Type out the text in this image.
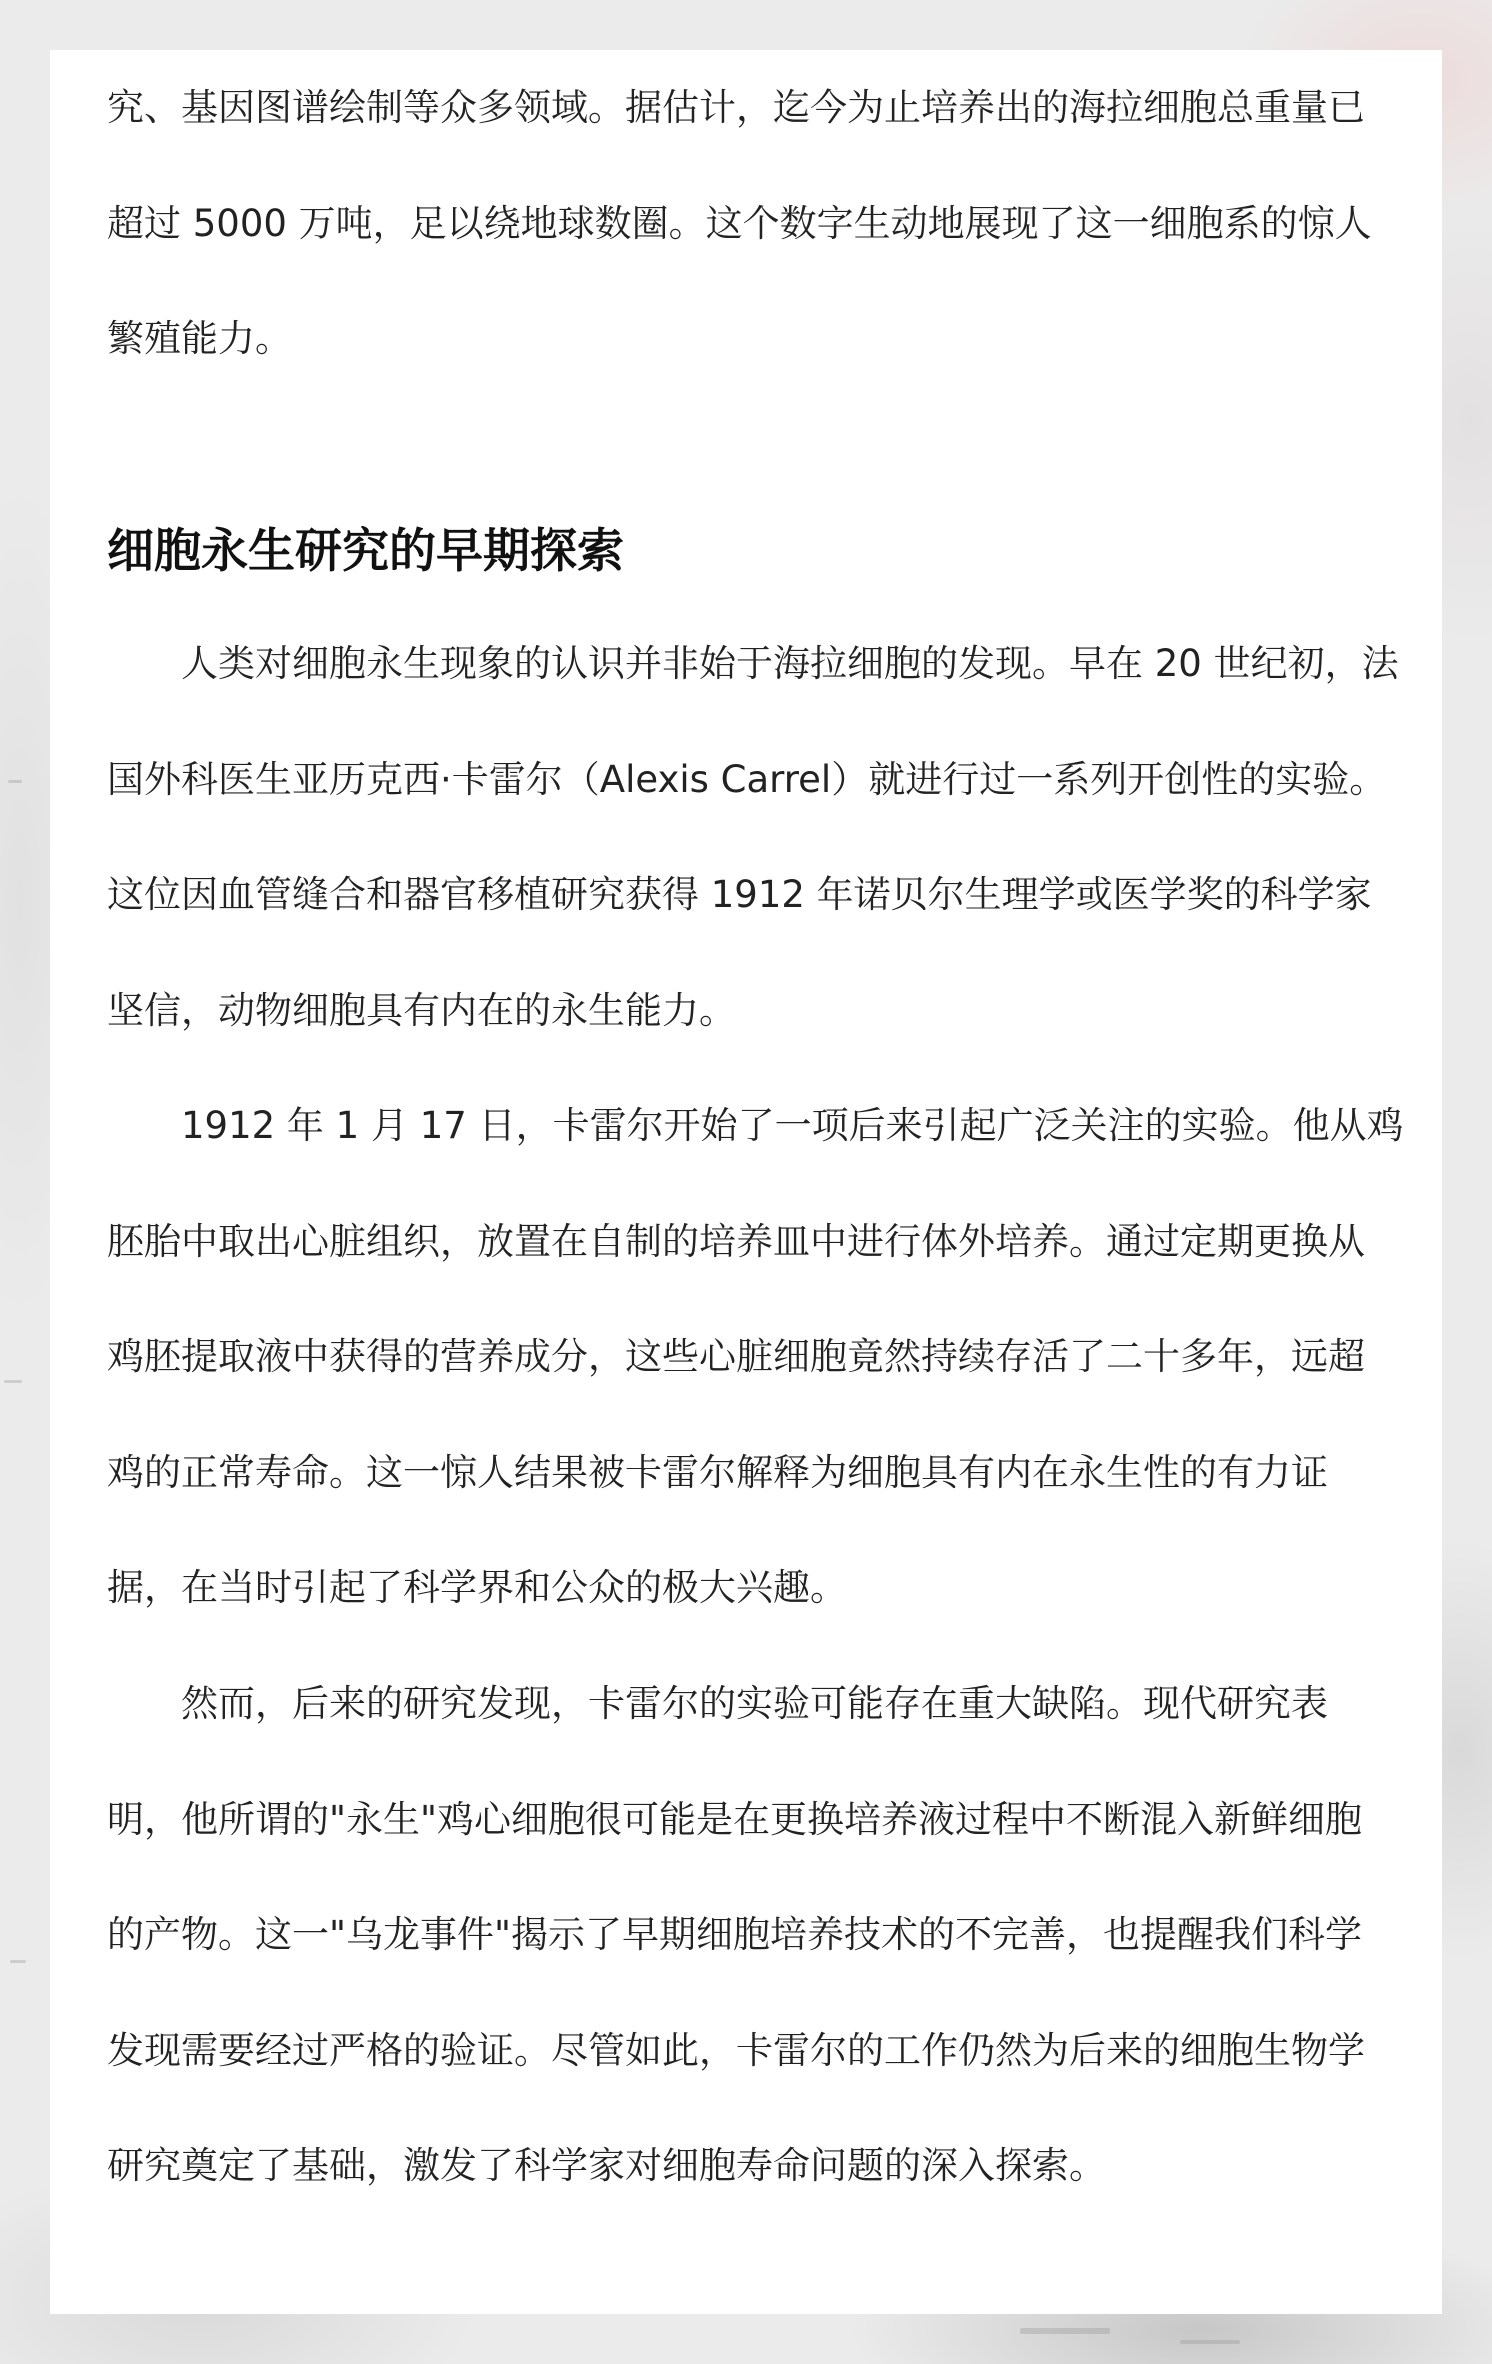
究、基因图谱绘制等众多领域。据估计，迄今为止培养出的海拉细胞总重量已
超过 5000 万吨，足以绕地球数圈。这个数字生动地展现了这一细胞系的惊人
繁殖能力。
细胞永生研究的早期探索
人类对细胞永生现象的认识并非始于海拉细胞的发现。早在 20 世纪初，法
国外科医生亚历克西·卡雷尔（Alexis Carrel）就进行过一系列开创性的实验。
这位因血管缝合和器官移植研究获得 1912 年诺贝尔生理学或医学奖的科学家
坚信，动物细胞具有内在的永生能力。
1912 年 1 月 17 日，卡雷尔开始了一项后来引起广泛关注的实验。他从鸡
胚胎中取出心脏组织，放置在自制的培养皿中进行体外培养。通过定期更换从
鸡胚提取液中获得的营养成分，这些心脏细胞竟然持续存活了二十多年，远超
鸡的正常寿命。这一惊人结果被卡雷尔解释为细胞具有内在永生性的有力证
据，在当时引起了科学界和公众的极大兴趣。
然而，后来的研究发现，卡雷尔的实验可能存在重大缺陷。现代研究表
明，他所谓的"永生"鸡心细胞很可能是在更换培养液过程中不断混入新鲜细胞
的产物。这一"乌龙事件"揭示了早期细胞培养技术的不完善，也提醒我们科学
发现需要经过严格的验证。尽管如此，卡雷尔的工作仍然为后来的细胞生物学
研究奠定了基础，激发了科学家对细胞寿命问题的深入探索。
